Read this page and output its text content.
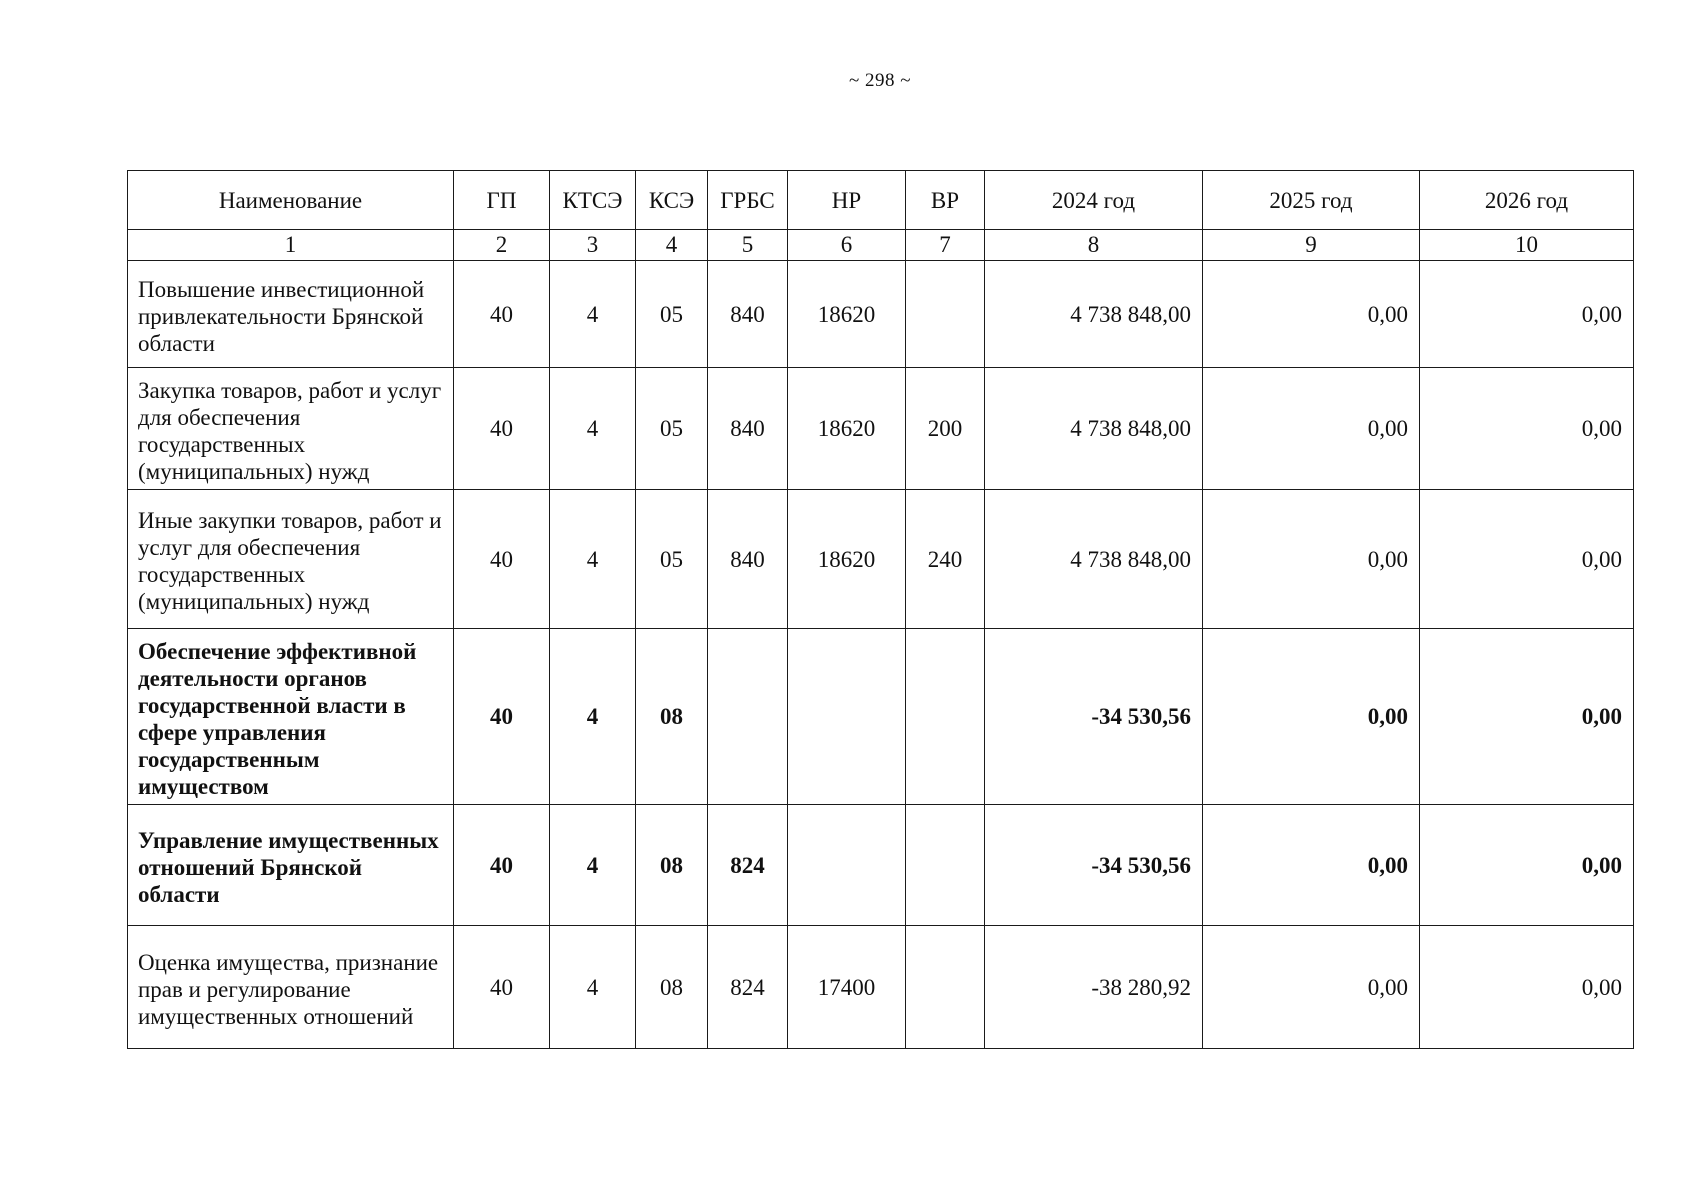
~ 298 ~
Наименование	ГП	КТСЭ	КСЭ	ГРБС	НР	ВР	2024 год	2025 год	2026 год
1	2	3	4	5	6	7	8	9	10
Повышение инвестиционной привлекательности Брянской области	40	4	05	840	18620		4 738 848,00	0,00	0,00
Закупка товаров, работ и услуг для обеспечения государственных (муниципальных) нужд	40	4	05	840	18620	200	4 738 848,00	0,00	0,00
Иные закупки товаров, работ и услуг для обеспечения государственных (муниципальных) нужд	40	4	05	840	18620	240	4 738 848,00	0,00	0,00
Обеспечение эффективной деятельности органов государственной власти в сфере управления государственным имуществом	40	4	08				-34 530,56	0,00	0,00
Управление имущественных отношений Брянской области	40	4	08	824			-34 530,56	0,00	0,00
Оценка имущества, признание прав и регулирование имущественных отношений	40	4	08	824	17400		-38 280,92	0,00	0,00
